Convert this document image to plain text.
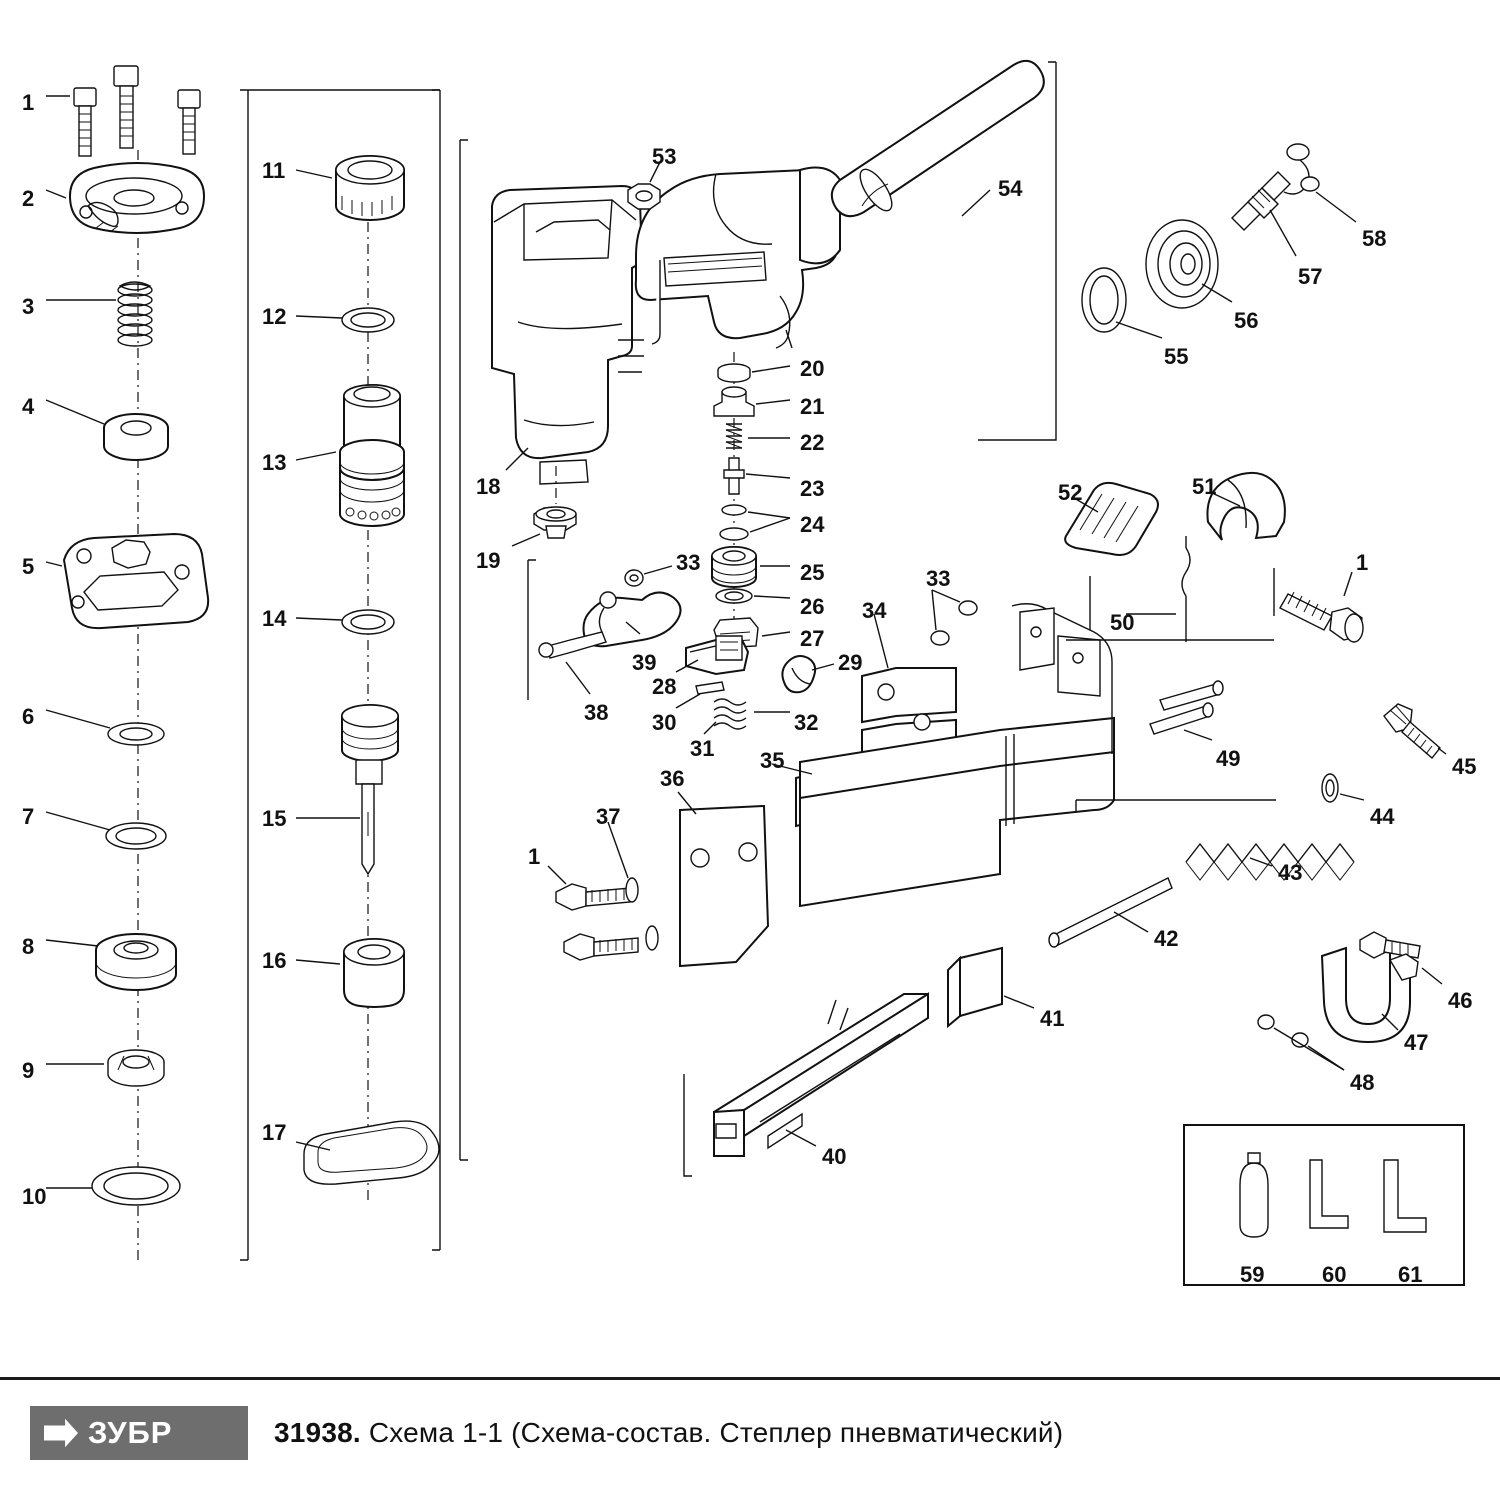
1
2
3
4
5
6
7
8
9
10
11
12
13
14
15
16
17
18
19
20
21
22
23
24
25
26
27
28
29
30
31
32
33
33
34
35
36
37
38
39
40
41
42
43
44
45
46
47
48
49
50
51
52
53
54
55
56
57
58
1
1
59	60 61
ЗУБР	31938. Схема 1-1 (Схема-состав. Степлер пневматический)
